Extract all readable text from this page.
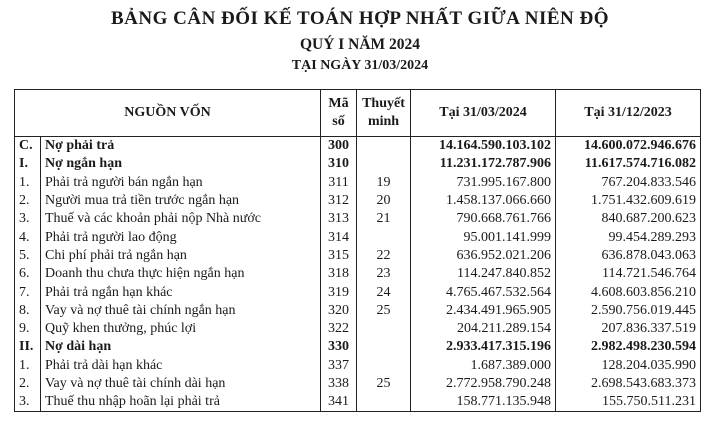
BẢNG CÂN ĐỐI KẾ TOÁN HỢP NHẤT GIỮA NIÊN ĐỘ
QUÝ I NĂM 2024
TẠI NGÀY 31/03/2024
NGUỒN VỐN		Mã số	Thuyết minh	Tại 31/03/2024	Tại 31/12/2023
C.	Nợ phải trả	300		14.164.590.103.102	14.600.072.946.676
I.	Nợ ngắn hạn	310		11.231.172.787.906	11.617.574.716.082
1.	Phải trả người bán ngắn hạn	311	19	731.995.167.800	767.204.833.546
2.	Người mua trả tiền trước ngắn hạn	312	20	1.458.137.066.660	1.751.432.609.619
3.	Thuế và các khoản phải nộp Nhà nước	313	21	790.668.761.766	840.687.200.623
4.	Phải trả người lao động	314		95.001.141.999	99.454.289.293
5.	Chi phí phải trả ngắn hạn	315	22	636.952.021.206	636.878.043.063
6.	Doanh thu chưa thực hiện ngắn hạn	318	23	114.247.840.852	114.721.546.764
7.	Phải trả ngắn hạn khác	319	24	4.765.467.532.564	4.608.603.856.210
8.	Vay và nợ thuê tài chính ngắn hạn	320	25	2.434.491.965.905	2.590.756.019.445
9.	Quỹ khen thưởng, phúc lợi	322		204.211.289.154	207.836.337.519
II.	Nợ dài hạn	330		2.933.417.315.196	2.982.498.230.594
1.	Phải trả dài hạn khác	337		1.687.389.000	128.204.035.990
2.	Vay và nợ thuê tài chính dài hạn	338	25	2.772.958.790.248	2.698.543.683.373
3.	Thuế thu nhập hoãn lại phải trả	341		158.771.135.948	155.750.511.231
